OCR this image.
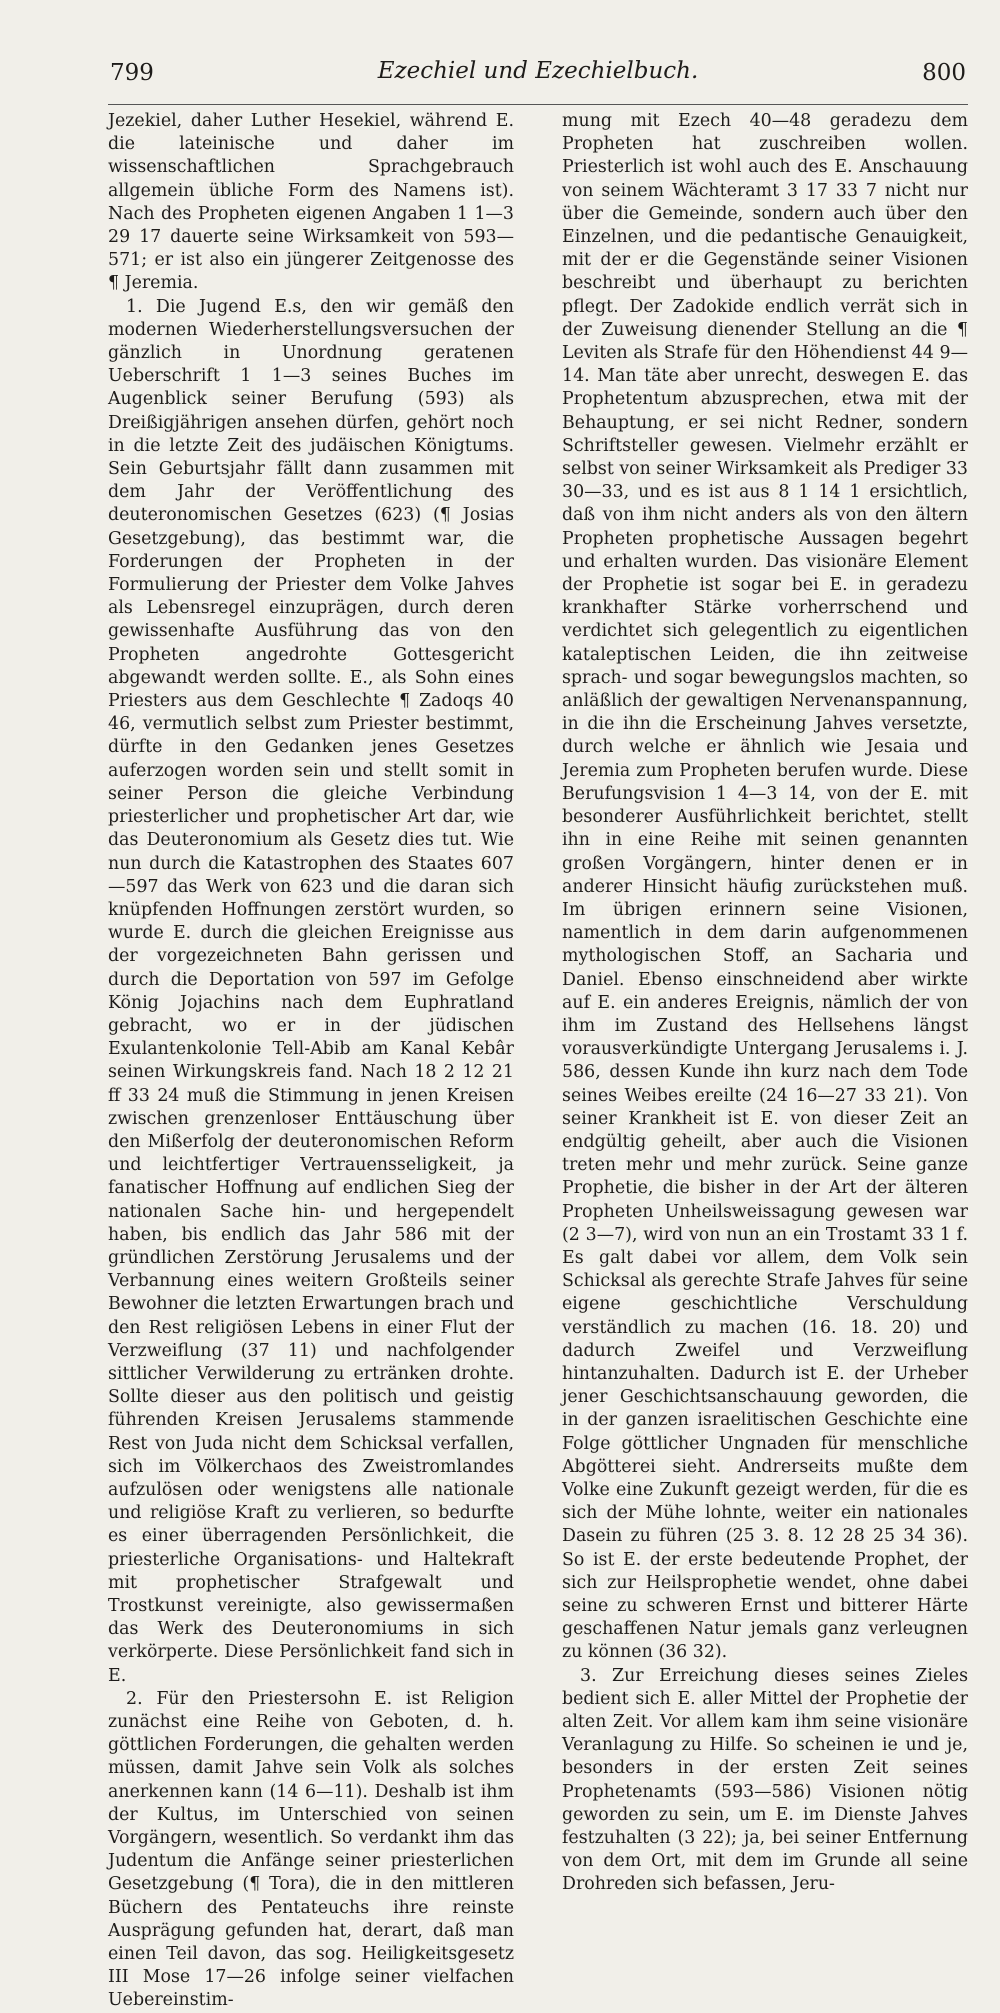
799	Ezechiel und Ezechielbuch.	800

Jezekiel, daher Luther Hesekiel, während E. die lateinische und daher im wissenschaftlichen Sprachgebrauch allgemein übliche Form des Namens ist). Nach des Propheten eigenen Angaben 1 1—3 29 17 dauerte seine Wirksamkeit von 593—571; er ist also ein jüngerer Zeitgenosse des ¶ Jeremia.

1. Die Jugend E.s, den wir gemäß den modernen Wiederherstellungsversuchen der gänzlich in Unordnung geratenen Ueberschrift 1 1—3 seines Buches im Augenblick seiner Berufung (593) als Dreißigjährigen ansehen dürfen, gehört noch in die letzte Zeit des judäischen Königtums. Sein Geburtsjahr fällt dann zusammen mit dem Jahr der Veröffentlichung des deuteronomischen Gesetzes (623) (¶ Josias Gesetzgebung), das bestimmt war, die Forderungen der Propheten in der Formulierung der Priester dem Volke Jahves als Lebensregel einzuprägen, durch deren gewissenhafte Ausführung das von den Propheten angedrohte Gottesgericht abgewandt werden sollte. E., als Sohn eines Priesters aus dem Geschlechte ¶ Zadoqs 40 46, vermutlich selbst zum Priester bestimmt, dürfte in den Gedanken jenes Gesetzes auferzogen worden sein und stellt somit in seiner Person die gleiche Verbindung priesterlicher und prophetischer Art dar, wie das Deuteronomium als Gesetz dies tut. Wie nun durch die Katastrophen des Staates 607—597 das Werk von 623 und die daran sich knüpfenden Hoffnungen zerstört wurden, so wurde E. durch die gleichen Ereignisse aus der vorgezeichneten Bahn gerissen und durch die Deportation von 597 im Gefolge König Jojachins nach dem Euphratland gebracht, wo er in der jüdischen Exulantenkolonie Tell-Abib am Kanal Kebâr seinen Wirkungskreis fand. Nach 18 2 12 21 ff 33 24 muß die Stimmung in jenen Kreisen zwischen grenzenloser Enttäuschung über den Mißerfolg der deuteronomischen Reform und leichtfertiger Vertrauensseligkeit, ja fanatischer Hoffnung auf endlichen Sieg der nationalen Sache hin- und hergependelt haben, bis endlich das Jahr 586 mit der gründlichen Zerstörung Jerusalems und der Verbannung eines weitern Großteils seiner Bewohner die letzten Erwartungen brach und den Rest religiösen Lebens in einer Flut der Verzweiflung (37 11) und nachfolgender sittlicher Verwilderung zu ertränken drohte. Sollte dieser aus den politisch und geistig führenden Kreisen Jerusalems stammende Rest von Juda nicht dem Schicksal verfallen, sich im Völkerchaos des Zweistromlandes aufzulösen oder wenigstens alle nationale und religiöse Kraft zu verlieren, so bedurfte es einer überragenden Persönlichkeit, die priesterliche Organisations- und Haltekraft mit prophetischer Strafgewalt und Trostkunst vereinigte, also gewissermaßen das Werk des Deuteronomiums in sich verkörperte. Diese Persönlichkeit fand sich in E.

2. Für den Priestersohn E. ist Religion zunächst eine Reihe von Geboten, d. h. göttlichen Forderungen, die gehalten werden müssen, damit Jahve sein Volk als solches anerkennen kann (14 6—11). Deshalb ist ihm der Kultus, im Unterschied von seinen Vorgängern, wesentlich. So verdankt ihm das Judentum die Anfänge seiner priesterlichen Gesetzgebung (¶ Tora), die in den mittleren Büchern des Pentateuchs ihre reinste Ausprägung gefunden hat, derart, daß man einen Teil davon, das sog. Heiligkeitsgesetz III Mose 17—26 infolge seiner vielfachen Uebereinstim-

mung mit Ezech 40—48 geradezu dem Propheten hat zuschreiben wollen. Priesterlich ist wohl auch des E. Anschauung von seinem Wächteramt 3 17 33 7 nicht nur über die Gemeinde, sondern auch über den Einzelnen, und die pedantische Genauigkeit, mit der er die Gegenstände seiner Visionen beschreibt und überhaupt zu berichten pflegt. Der Zadokide endlich verrät sich in der Zuweisung dienender Stellung an die ¶ Leviten als Strafe für den Höhendienst 44 9—14. Man täte aber unrecht, deswegen E. das Prophetentum abzusprechen, etwa mit der Behauptung, er sei nicht Redner, sondern Schriftsteller gewesen. Vielmehr erzählt er selbst von seiner Wirksamkeit als Prediger 33 30—33, und es ist aus 8 1 14 1 ersichtlich, daß von ihm nicht anders als von den ältern Propheten prophetische Aussagen begehrt und erhalten wurden. Das visionäre Element der Prophetie ist sogar bei E. in geradezu krankhafter Stärke vorherrschend und verdichtet sich gelegentlich zu eigentlichen kataleptischen Leiden, die ihn zeitweise sprach- und sogar bewegungslos machten, so anläßlich der gewaltigen Nervenanspannung, in die ihn die Erscheinung Jahves versetzte, durch welche er ähnlich wie Jesaia und Jeremia zum Propheten berufen wurde. Diese Berufungsvision 1 4—3 14, von der E. mit besonderer Ausführlichkeit berichtet, stellt ihn in eine Reihe mit seinen genannten großen Vorgängern, hinter denen er in anderer Hinsicht häufig zurückstehen muß. Im übrigen erinnern seine Visionen, namentlich in dem darin aufgenommenen mythologischen Stoff, an Sacharia und Daniel. Ebenso einschneidend aber wirkte auf E. ein anderes Ereignis, nämlich der von ihm im Zustand des Hellsehens längst vorausverkündigte Untergang Jerusalems i. J. 586, dessen Kunde ihn kurz nach dem Tode seines Weibes ereilte (24 16—27 33 21). Von seiner Krankheit ist E. von dieser Zeit an endgültig geheilt, aber auch die Visionen treten mehr und mehr zurück. Seine ganze Prophetie, die bisher in der Art der älteren Propheten Unheilsweissagung gewesen war (2 3—7), wird von nun an ein Trostamt 33 1 f. Es galt dabei vor allem, dem Volk sein Schicksal als gerechte Strafe Jahves für seine eigene geschichtliche Verschuldung verständlich zu machen (16. 18. 20) und dadurch Zweifel und Verzweiflung hintanzuhalten. Dadurch ist E. der Urheber jener Geschichtsanschauung geworden, die in der ganzen israelitischen Geschichte eine Folge göttlicher Ungnaden für menschliche Abgötterei sieht. Andrerseits mußte dem Volke eine Zukunft gezeigt werden, für die es sich der Mühe lohnte, weiter ein nationales Dasein zu führen (25 3. 8. 12 28 25 34 36). So ist E. der erste bedeutende Prophet, der sich zur Heilsprophetie wendet, ohne dabei seine zu schweren Ernst und bitterer Härte geschaffenen Natur jemals ganz verleugnen zu können (36 32).

3. Zur Erreichung dieses seines Zieles bedient sich E. aller Mittel der Prophetie der alten Zeit. Vor allem kam ihm seine visionäre Veranlagung zu Hilfe. So scheinen ie und je, besonders in der ersten Zeit seines Prophetenamts (593—586) Visionen nötig geworden zu sein, um E. im Dienste Jahves festzuhalten (3 22); ja, bei seiner Entfernung von dem Ort, mit dem im Grunde all seine Drohreden sich befassen, Jeru-
